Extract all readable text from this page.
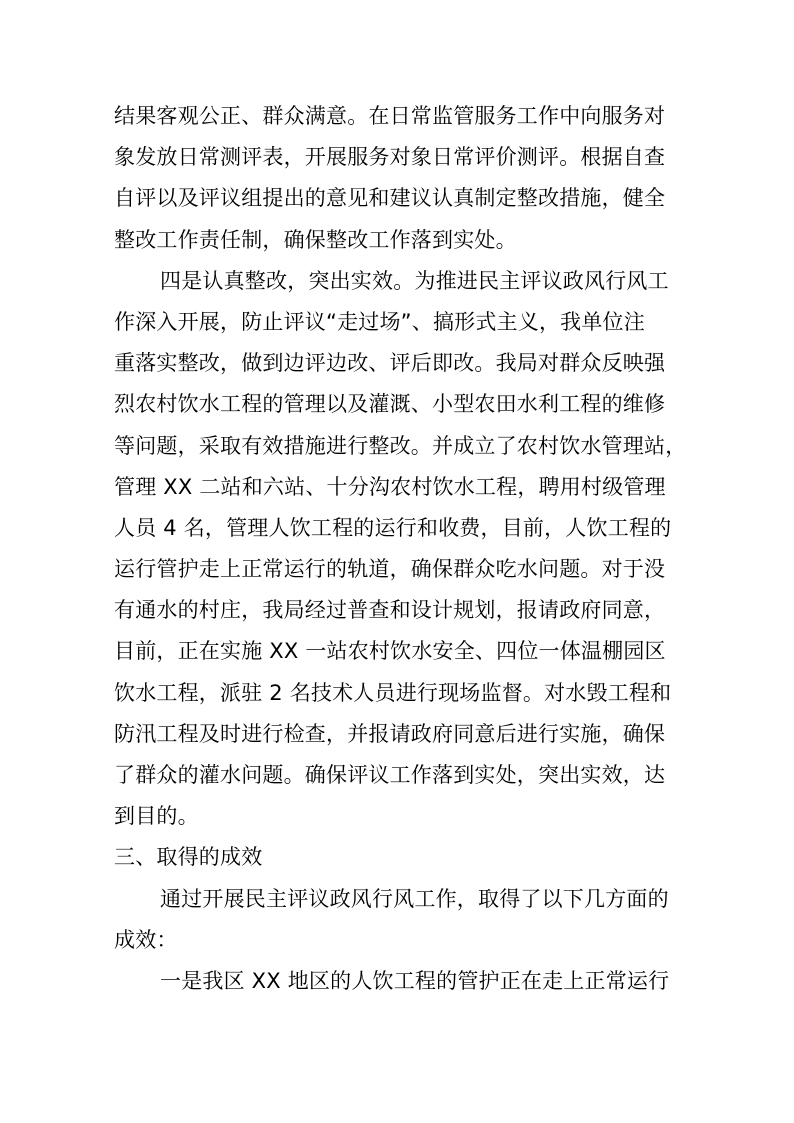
结果客观公正、群众满意。在日常监管服务工作中向服务对
象发放日常测评表，开展服务对象日常评价测评。根据自查
自评以及评议组提出的意见和建议认真制定整改措施，健全
整改工作责任制，确保整改工作落到实处。
四是认真整改，突出实效。为推进民主评议政风行风工
作深入开展，防止评议“走过场”、搞形式主义，我单位注
重落实整改，做到边评边改、评后即改。我局对群众反映强
烈农村饮水工程的管理以及灌溉、小型农田水利工程的维修
等问题，采取有效措施进行整改。并成立了农村饮水管理站，
管理 XX 二站和六站、十分沟农村饮水工程，聘用村级管理
人员 4 名，管理人饮工程的运行和收费，目前，人饮工程的
运行管护走上正常运行的轨道，确保群众吃水问题。对于没
有通水的村庄，我局经过普查和设计规划，报请政府同意，
目前，正在实施 XX 一站农村饮水安全、四位一体温棚园区
饮水工程，派驻 2 名技术人员进行现场监督。对水毁工程和
防汛工程及时进行检查，并报请政府同意后进行实施，确保
了群众的灌水问题。确保评议工作落到实处，突出实效，达
到目的。
三、取得的成效
通过开展民主评议政风行风工作，取得了以下几方面的
成效：
一是我区 XX 地区的人饮工程的管护正在走上正常运行
